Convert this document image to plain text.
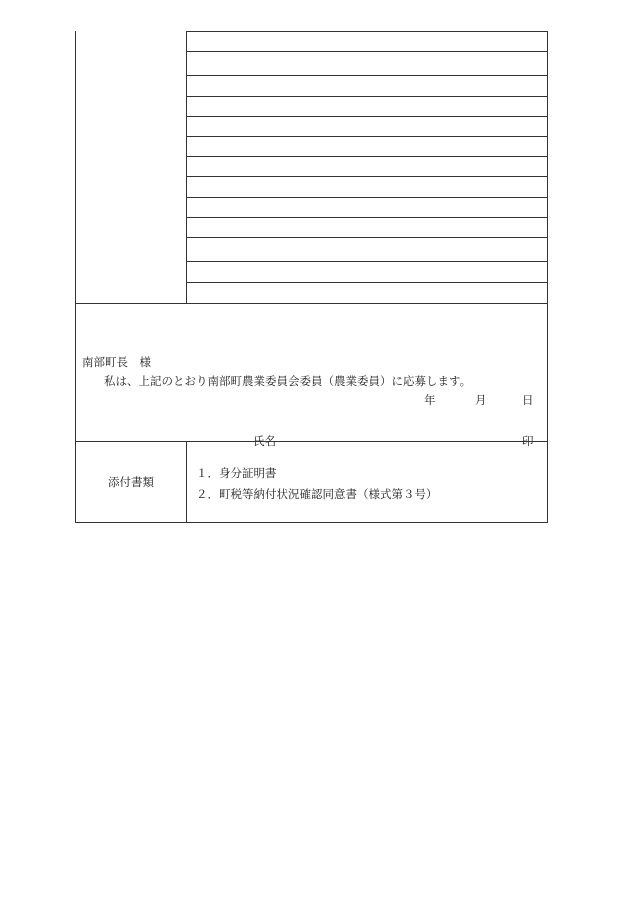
南部町長　様
私は、上記のとおり南部町農業委員会委員（農業委員）に応募します。
年	月	日
氏名	印
添付書類
１．身分証明書
２．町税等納付状況確認同意書（様式第３号）
